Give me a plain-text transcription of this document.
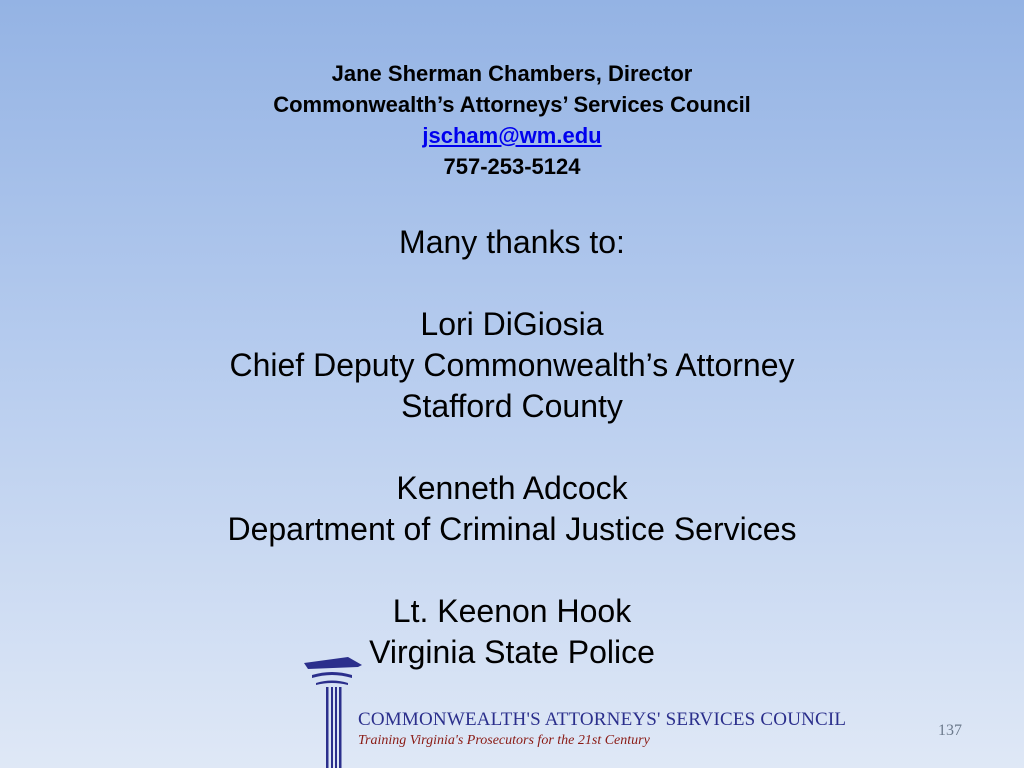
Jane Sherman Chambers, Director
Commonwealth’s Attorneys’ Services Council
jscham@wm.edu
757-253-5124
Many thanks to:
Lori DiGiosia
Chief Deputy Commonwealth’s Attorney
Stafford County
Kenneth Adcock
Department of Criminal Justice Services
Lt. Keenon Hook
Virginia State Police
COMMONWEALTH'S ATTORNEYS' SERVICES COUNCIL
Training Virginia's Prosecutors for the 21st Century
137
